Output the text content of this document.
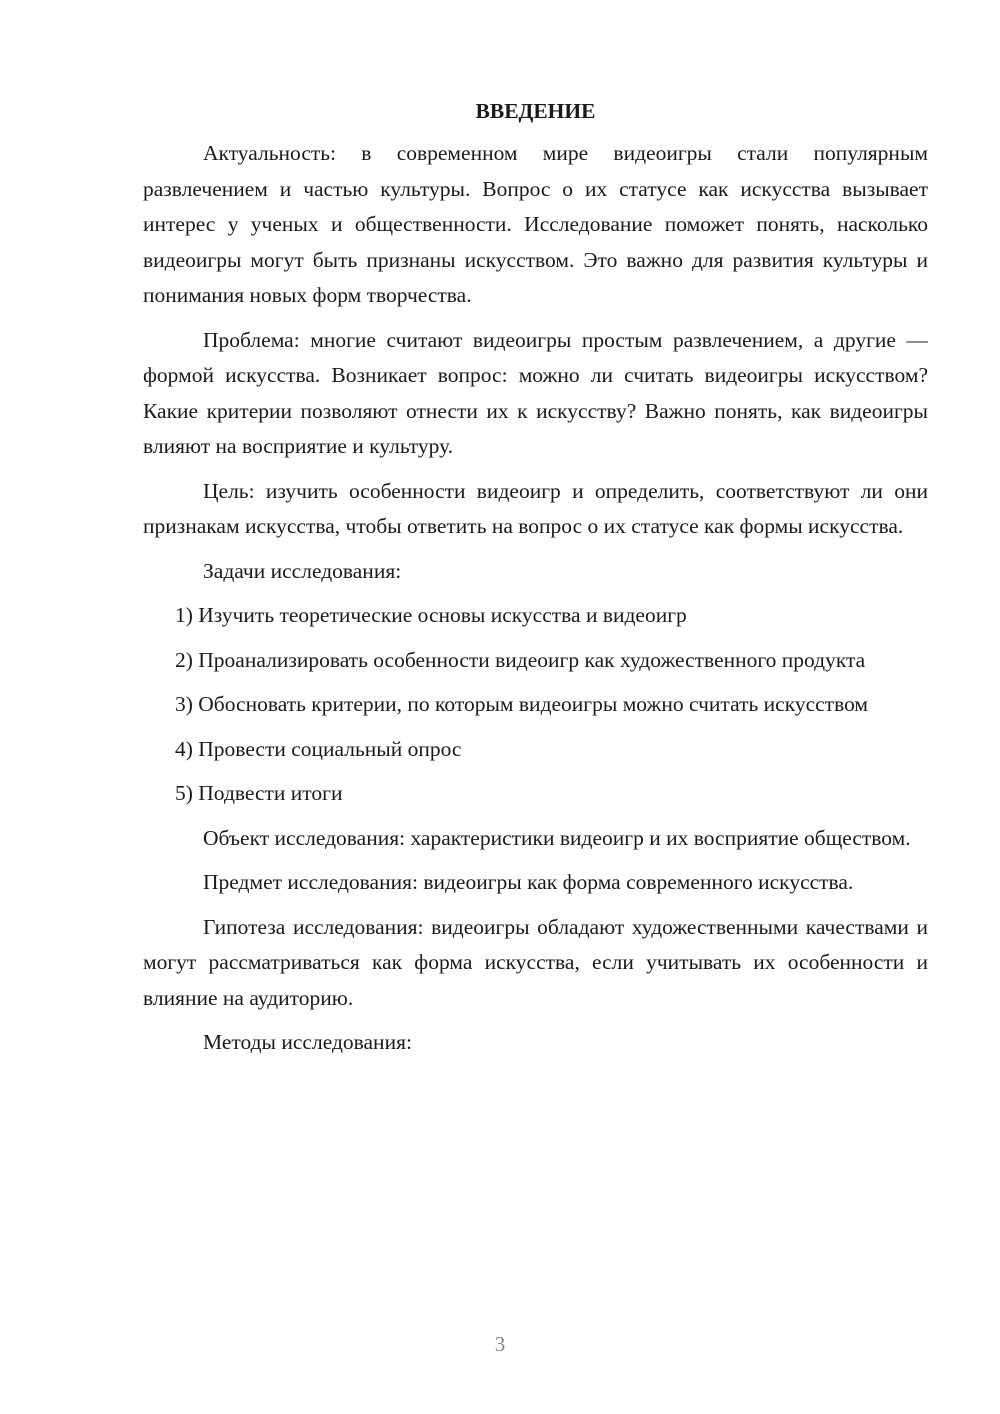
ВВЕДЕНИЕ
Актуальность: в современном мире видеоигры стали популярным развлечением и частью культуры. Вопрос о их статусе как искусства вызывает интерес у ученых и общественности. Исследование поможет понять, насколько видеоигры могут быть признаны искусством. Это важно для развития культуры и понимания новых форм творчества.
Проблема: многие считают видеоигры простым развлечением, а другие — формой искусства. Возникает вопрос: можно ли считать видеоигры искусством? Какие критерии позволяют отнести их к искусству? Важно понять, как видеоигры влияют на восприятие и культуру.
Цель: изучить особенности видеоигр и определить, соответствуют ли они признакам искусства, чтобы ответить на вопрос о их статусе как формы искусства.
Задачи исследования:
1) Изучить теоретические основы искусства и видеоигр
2) Проанализировать особенности видеоигр как художественного продукта
3) Обосновать критерии, по которым видеоигры можно считать искусством
4) Провести социальный опрос
5) Подвести итоги
Объект исследования: характеристики видеоигр и их восприятие обществом.
Предмет исследования: видеоигры как форма современного искусства.
Гипотеза исследования: видеоигры обладают художественными качествами и могут рассматриваться как форма искусства, если учитывать их особенности и влияние на аудиторию.
Методы исследования:
3
